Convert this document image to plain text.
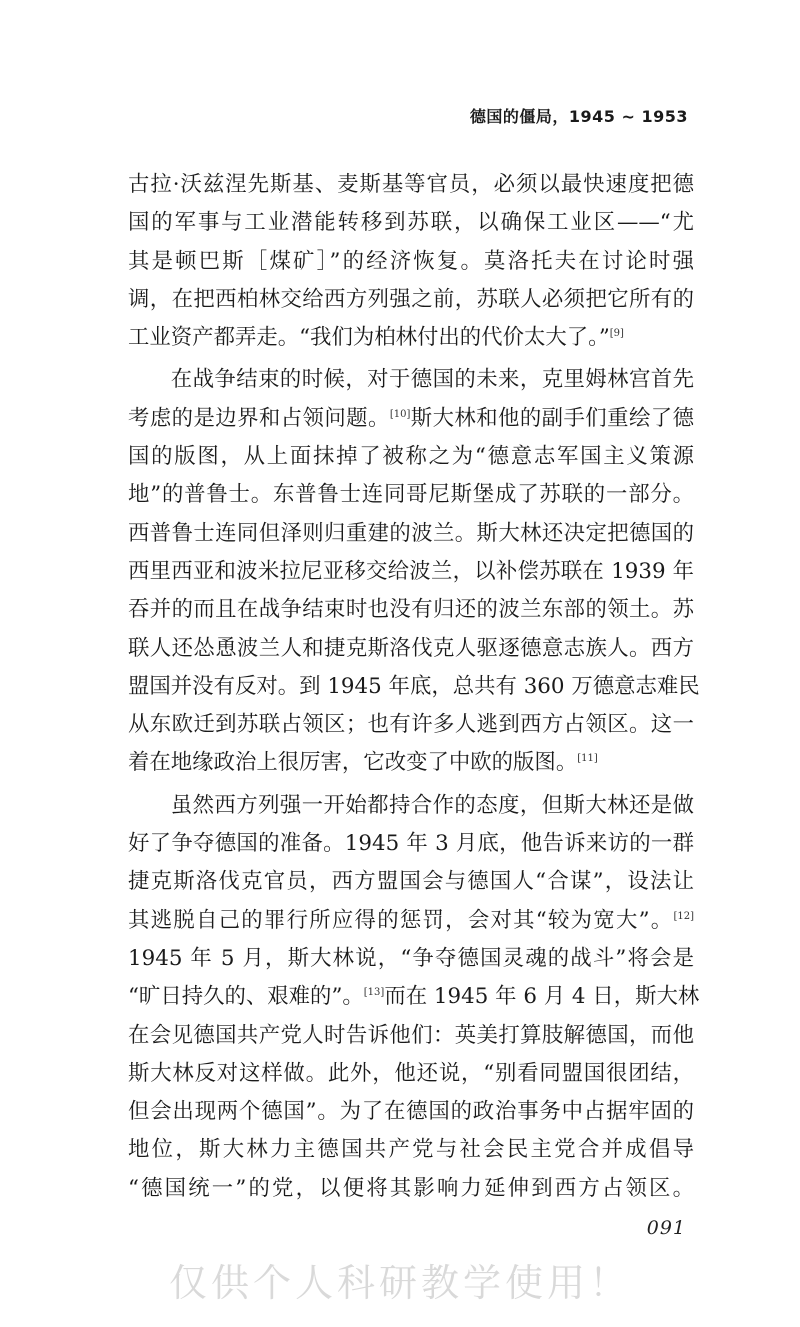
德国的僵局，1945 ~ 1953
古拉·沃兹涅先斯基、麦斯基等官员，必须以最快速度把德
国的军事与工业潜能转移到苏联，以确保工业区——“尤
其是顿巴斯［煤矿］”的经济恢复。莫洛托夫在讨论时强
调，在把西柏林交给西方列强之前，苏联人必须把它所有的
工业资产都弄走。“我们为柏林付出的代价太大了。”[9]
在战争结束的时候，对于德国的未来，克里姆林宫首先
考虑的是边界和占领问题。[10]斯大林和他的副手们重绘了德
国的版图，从上面抹掉了被称之为“德意志军国主义策源
地”的普鲁士。东普鲁士连同哥尼斯堡成了苏联的一部分。
西普鲁士连同但泽则归重建的波兰。斯大林还决定把德国的
西里西亚和波米拉尼亚移交给波兰，以补偿苏联在 1939 年
吞并的而且在战争结束时也没有归还的波兰东部的领土。苏
联人还怂恿波兰人和捷克斯洛伐克人驱逐德意志族人。西方
盟国并没有反对。到 1945 年底，总共有 360 万德意志难民
从东欧迁到苏联占领区；也有许多人逃到西方占领区。这一
着在地缘政治上很厉害，它改变了中欧的版图。[11]
虽然西方列强一开始都持合作的态度，但斯大林还是做
好了争夺德国的准备。1945 年 3 月底，他告诉来访的一群
捷克斯洛伐克官员，西方盟国会与德国人“合谋”，设法让
其逃脱自己的罪行所应得的惩罚，会对其“较为宽大”。[12]
1945 年 5 月，斯大林说，“争夺德国灵魂的战斗”将会是
“旷日持久的、艰难的”。[13]而在 1945 年 6 月 4 日，斯大林
在会见德国共产党人时告诉他们：英美打算肢解德国，而他
斯大林反对这样做。此外，他还说，“别看同盟国很团结，
但会出现两个德国”。为了在德国的政治事务中占据牢固的
地位，斯大林力主德国共产党与社会民主党合并成倡导
“德国统一”的党，以便将其影响力延伸到西方占领区。
091
仅供个人科研教学使用！
